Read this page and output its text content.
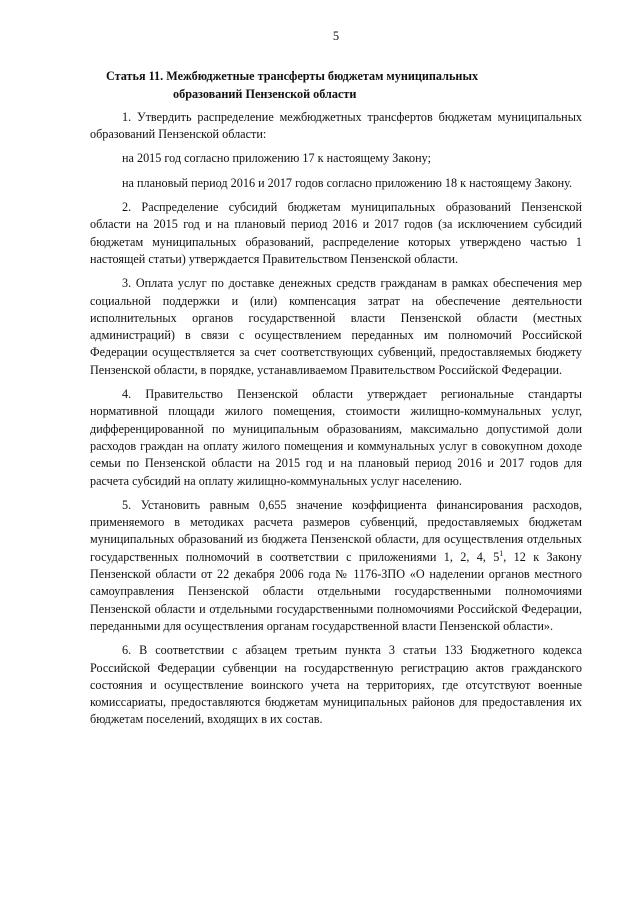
5
Статья 11. Межбюджетные трансферты бюджетам муниципальных
образований Пензенской области

1. Утвердить распределение межбюджетных трансфертов бюджетам муниципальных образований Пензенской области:

на 2015 год согласно приложению 17 к настоящему Закону;

на плановый период 2016 и 2017 годов согласно приложению 18 к настоящему Закону.

2. Распределение субсидий бюджетам муниципальных образований Пензенской области на 2015 год и на плановый период 2016 и 2017 годов (за исключением субсидий бюджетам муниципальных образований, распределение которых утверждено частью 1 настоящей статьи) утверждается Правительством Пензенской области.

3. Оплата услуг по доставке денежных средств гражданам в рамках обеспечения мер социальной поддержки и (или) компенсация затрат на обеспечение деятельности исполнительных органов государственной власти Пензенской области (местных администраций) в связи с осуществлением переданных им полномочий Российской Федерации осуществляется за счет соответствующих субвенций, предоставляемых бюджету Пензенской области, в порядке, устанавливаемом Правительством Российской Федерации.

4. Правительство Пензенской области утверждает региональные стандарты нормативной площади жилого помещения, стоимости жилищно-коммунальных услуг, дифференцированной по муниципальным образованиям, максимально допустимой доли расходов граждан на оплату жилого помещения и коммунальных услуг в совокупном доходе семьи по Пензенской области на 2015 год и на плановый период 2016 и 2017 годов для расчета субсидий на оплату жилищно-коммунальных услуг населению.

5. Установить равным 0,655 значение коэффициента финансирования расходов, применяемого в методиках расчета размеров субвенций, предоставляемых бюджетам муниципальных образований из бюджета Пензенской области, для осуществления отдельных государственных полномочий в соответствии с приложениями 1, 2, 4, $5^1$, 12 к Закону Пензенской области от 22 декабря 2006 года № 1176-ЗПО «О наделении органов местного самоуправления Пензенской области отдельными государственными полномочиями Пензенской области и отдельными государственными полномочиями Российской Федерации, переданными для осуществления органам государственной власти Пензенской области».

6. В соответствии с абзацем третьим пункта 3 статьи 133 Бюджетного кодекса Российской Федерации субвенции на государственную регистрацию актов гражданского состояния и осуществление воинского учета на территориях, где отсутствуют военные комиссариаты, предоставляются бюджетам муниципальных районов для предоставления их бюджетам поселений, входящих в их состав.
